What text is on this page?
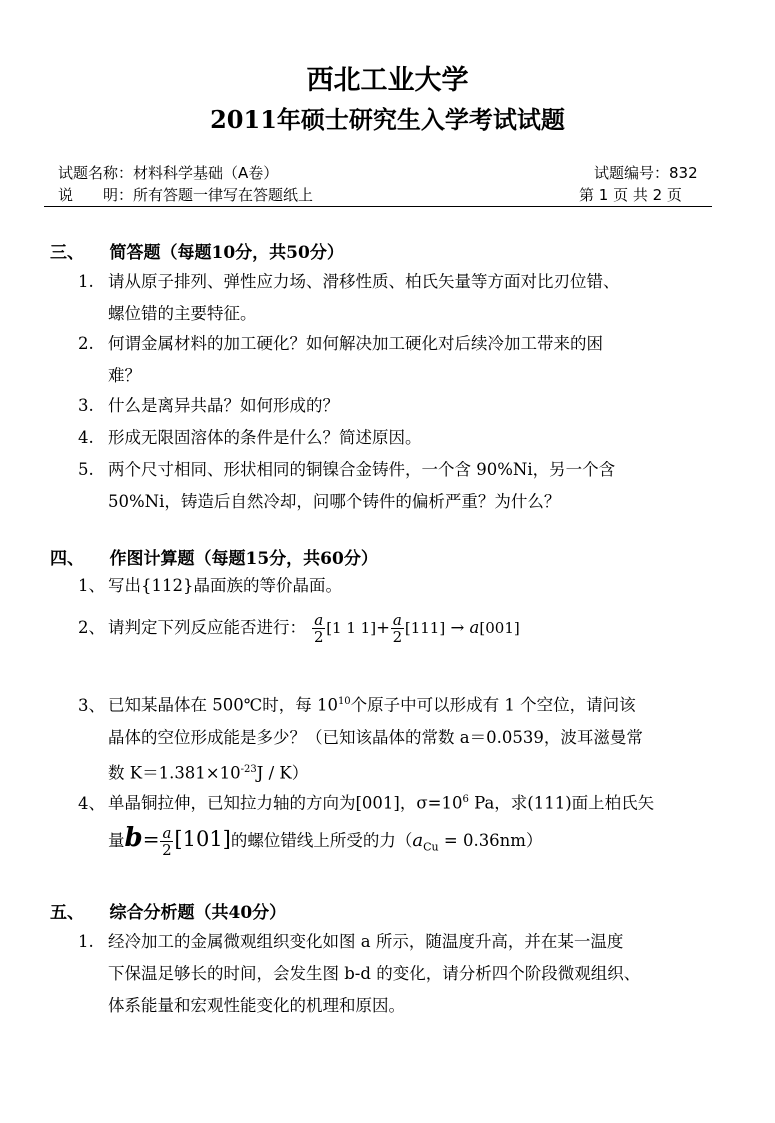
西北工业大学
2011年硕士研究生入学考试试题
试题名称：材料科学基础（A卷）	试题编号：832
说　　明：所有答题一律写在答题纸上	第 1 页 共 2 页
三、　　简答题（每题10分，共50分）
1. 请从原子排列、弹性应力场、滑移性质、柏氏矢量等方面对比刃位错、
螺位错的主要特征。
2. 何谓金属材料的加工硬化？如何解决加工硬化对后续冷加工带来的困
难？
3. 什么是离异共晶？如何形成的？
4. 形成无限固溶体的条件是什么？简述原因。
5. 两个尺寸相同、形状相同的铜镍合金铸件，一个含 90%Ni，另一个含
50%Ni，铸造后自然冷却，问哪个铸件的偏析严重？为什么？
四、　　作图计算题（每题15分，共60分）
1、 写出{112}晶面族的等价晶面。
2、 请判定下列反应能否进行： $\frac{a}{2} [1$ 1 $1]+ \frac{a}{2} [111] \to a[001]$
3、 已知某晶体在 500℃时，每 $10^{10}$个原子中可以形成有 1 个空位，请问该
晶体的空位形成能是多少？（已知该晶体的常数 a＝0.0539，波耳滋曼常
数 $K=1.381\times 10^{-23}J / K$）
4、 单晶铜拉伸，已知拉力轴的方向为[001]，$\sigma=10^6$ Pa，求(111)面上柏氏矢
量$b= \frac{a}{2} [101]$的螺位错线上所受的力$(a_{Cu} = 0.36nm)$
五、　　综合分析题（共40分）
1. 经冷加工的金属微观组织变化如图 a 所示，随温度升高，并在某一温度
下保温足够长的时间，会发生图 b-d 的变化，请分析四个阶段微观组织、
体系能量和宏观性能变化的机理和原因。
